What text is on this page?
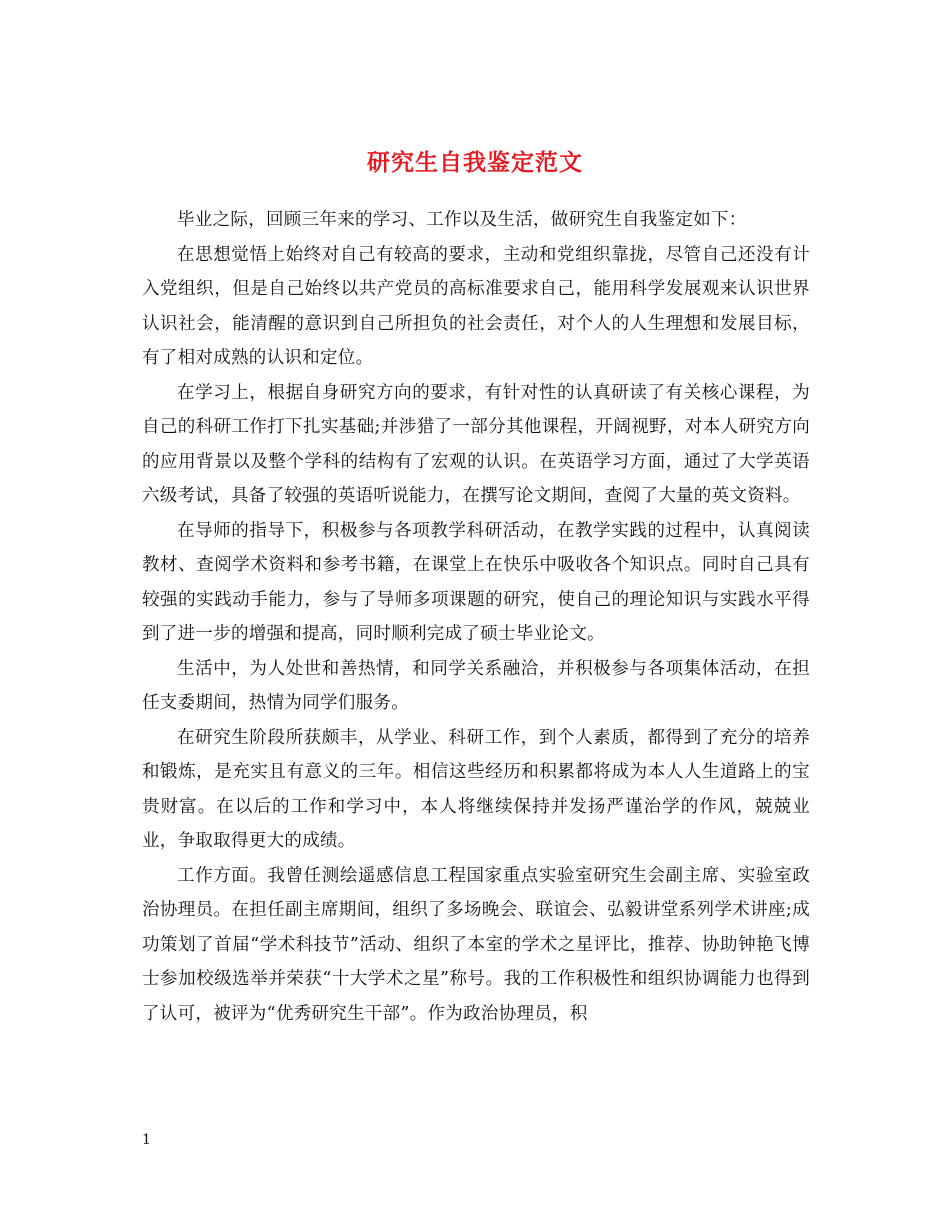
研究生自我鉴定范文

毕业之际，回顾三年来的学习、工作以及生活，做研究生自我鉴定如下：

在思想觉悟上始终对自己有较高的要求，主动和党组织靠拢，尽管自己还没有计入党组织，但是自己始终以共产党员的高标准要求自己，能用科学发展观来认识世界认识社会，能清醒的意识到自己所担负的社会责任，对个人的人生理想和发展目标，有了相对成熟的认识和定位。

在学习上，根据自身研究方向的要求，有针对性的认真研读了有关核心课程，为自己的科研工作打下扎实基础;并涉猎了一部分其他课程，开阔视野，对本人研究方向的应用背景以及整个学科的结构有了宏观的认识。在英语学习方面，通过了大学英语六级考试，具备了较强的英语听说能力，在撰写论文期间，查阅了大量的英文资料。

在导师的指导下，积极参与各项教学科研活动，在教学实践的过程中，认真阅读教材、查阅学术资料和参考书籍，在课堂上在快乐中吸收各个知识点。同时自己具有较强的实践动手能力，参与了导师多项课题的研究，使自己的理论知识与实践水平得到了进一步的增强和提高，同时顺利完成了硕士毕业论文。

生活中，为人处世和善热情，和同学关系融洽，并积极参与各项集体活动，在担任支委期间，热情为同学们服务。

在研究生阶段所获颇丰，从学业、科研工作，到个人素质，都得到了充分的培养和锻炼，是充实且有意义的三年。相信这些经历和积累都将成为本人人生道路上的宝贵财富。在以后的工作和学习中，本人将继续保持并发扬严谨治学的作风，兢兢业业，争取取得更大的成绩。

工作方面。我曾任测绘遥感信息工程国家重点实验室研究生会副主席、实验室政治协理员。在担任副主席期间，组织了多场晚会、联谊会、弘毅讲堂系列学术讲座;成功策划了首届“学术科技节”活动、组织了本室的学术之星评比，推荐、协助钟艳飞博士参加校级选举并荣获“十大学术之星”称号。我的工作积极性和组织协调能力也得到了认可，被评为“优秀研究生干部”。作为政治协理员，积

1
